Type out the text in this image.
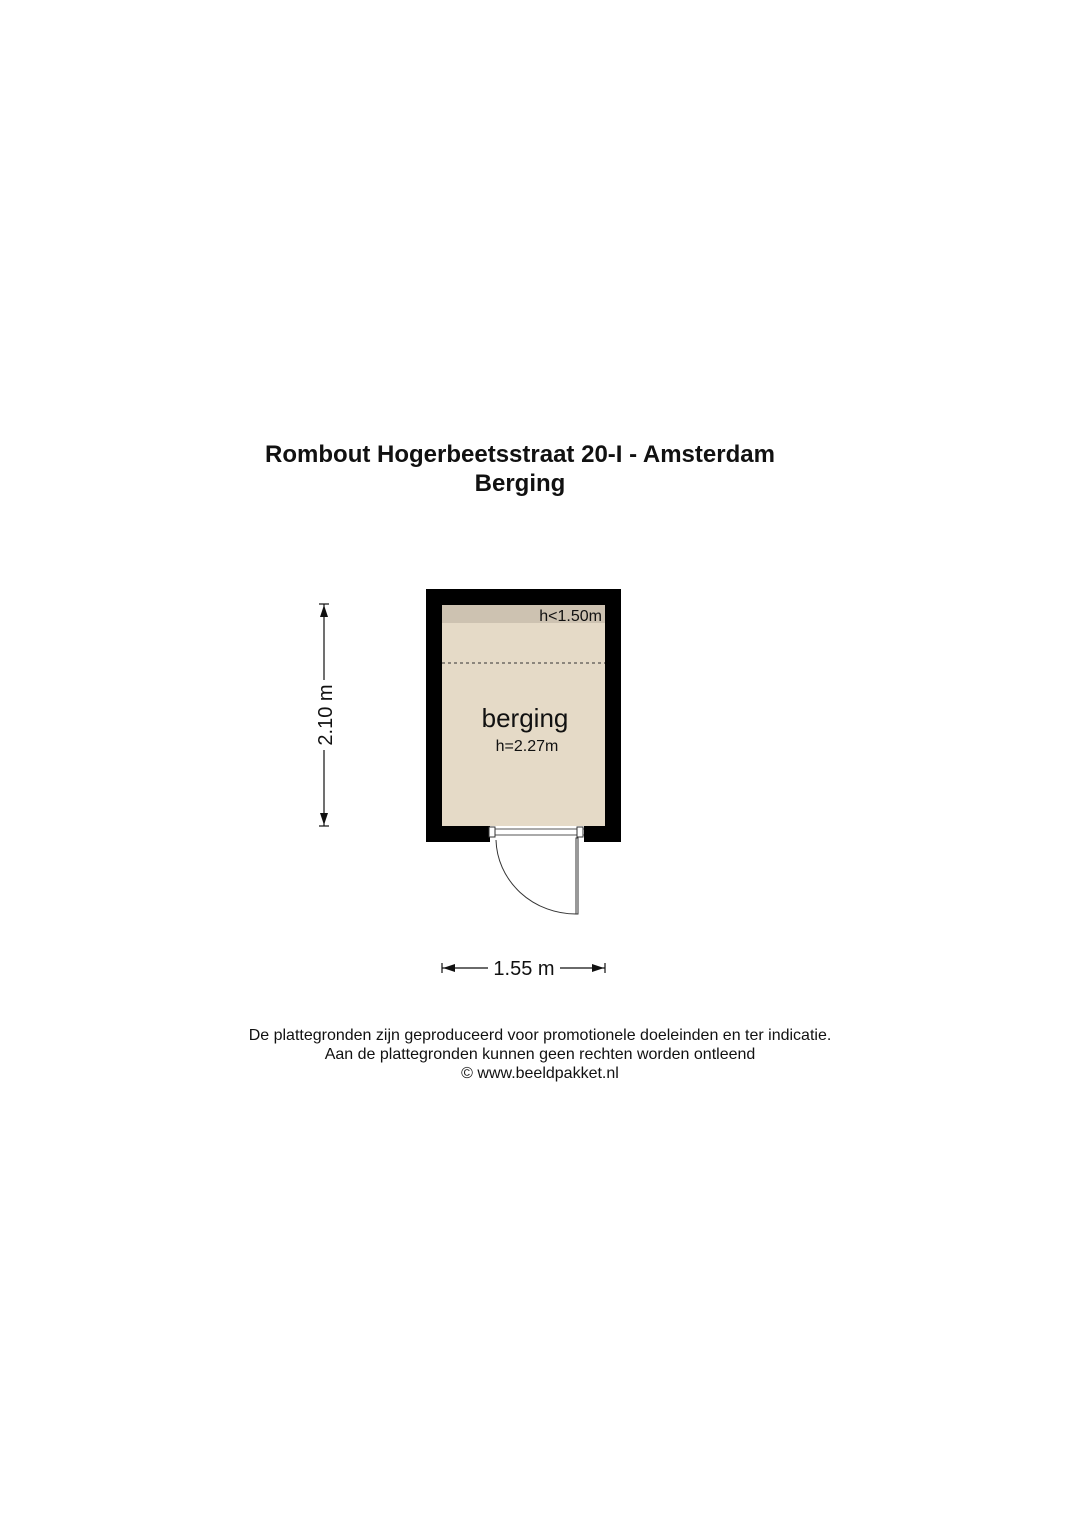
Rombout Hogerbeetsstraat 20-I - Amsterdam
Berging
h<1.50m
berging
h=2.27m
2.10 m
1.55 m
De plattegronden zijn geproduceerd voor promotionele doeleinden en ter indicatie.
Aan de plattegronden kunnen geen rechten worden ontleend
© www.beeldpakket.nl
